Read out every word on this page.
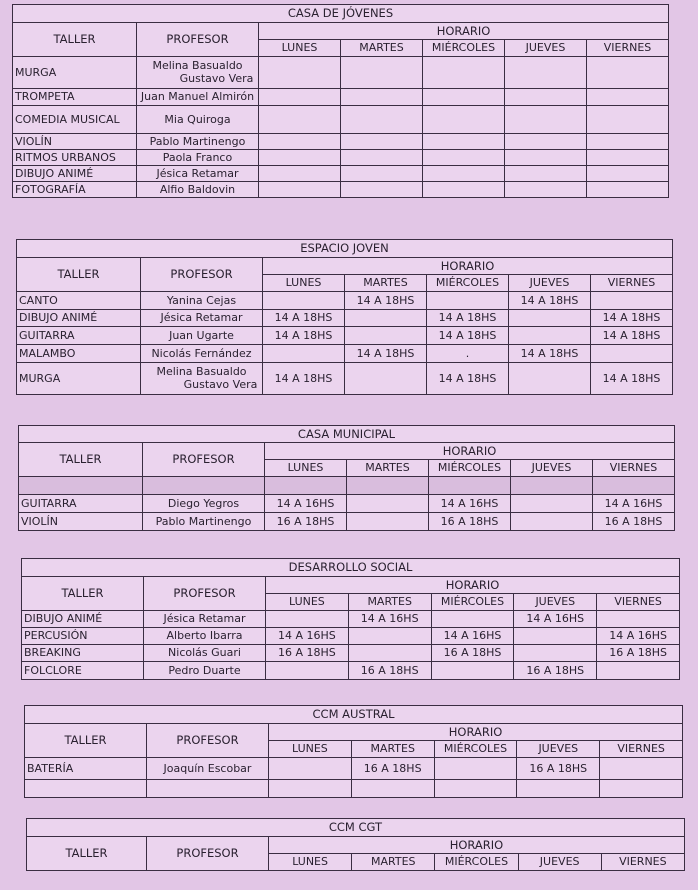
CASA DE JÓVENES						
TALLER	PROFESOR	HORARIO				
		LUNES	MARTES	MIÉRCOLES	JUEVES	VIERNES
MURGA	Melina Basualdo
Gustavo Vera					

TROMPETA	Juan Manuel Almirón					
COMEDIA MUSICAL	Mia Quiroga					
VIOLÍN	Pablo Martinengo					
RITMOS URBANOS	Paola Franco					
DIBUJO ANIMÉ	Jésica Retamar					
FOTOGRAFÍA	Alfio Baldovin					
ESPACIO JOVEN						
TALLER	PROFESOR	HORARIO				
		LUNES	MARTES	MIÉRCOLES	JUEVES	VIERNES
CANTO	Yanina Cejas		14 A 18HS		14 A 18HS	
DIBUJO ANIMÉ	Jésica Retamar	14 A 18HS		14 A 18HS		14 A 18HS
GUITARRA	Juan Ugarte	14 A 18HS		14 A 18HS		14 A 18HS
MALAMBO	Nicolás Fernández		14 A 18HS	.	14 A 18HS	
MURGA	Melina Basualdo
Gustavo Vera	14 A 18HS		14 A 18HS		14 A 18HS
CASA MUNICIPAL						
TALLER	PROFESOR	HORARIO				
		LUNES	MARTES	MIÉRCOLES	JUEVES	VIERNES

GUITARRA	Diego Yegros	14 A 16HS		14 A 16HS		14 A 16HS
VIOLÍN	Pablo Martinengo	16 A 18HS		16 A 18HS		16 A 18HS
DESARROLLO SOCIAL						
TALLER	PROFESOR	HORARIO				
		LUNES	MARTES	MIÉRCOLES	JUEVES	VIERNES
DIBUJO ANIMÉ	Jésica Retamar		14 A 16HS		14 A 16HS	
PERCUSIÓN	Alberto Ibarra	14 A 16HS		14 A 16HS		14 A 16HS
BREAKING	Nicolás Guari	16 A 18HS		16 A 18HS		16 A 18HS
FOLCLORE	Pedro Duarte		16 A 18HS		16 A 18HS	
CCM AUSTRAL						
TALLER	PROFESOR	HORARIO				
		LUNES	MARTES	MIÉRCOLES	JUEVES	VIERNES
BATERÍA	Joaquín Escobar		16 A 18HS		16 A 18HS	

CCM CGT						
TALLER	PROFESOR	HORARIO				
		LUNES	MARTES	MIÉRCOLES	JUEVES	VIERNES
